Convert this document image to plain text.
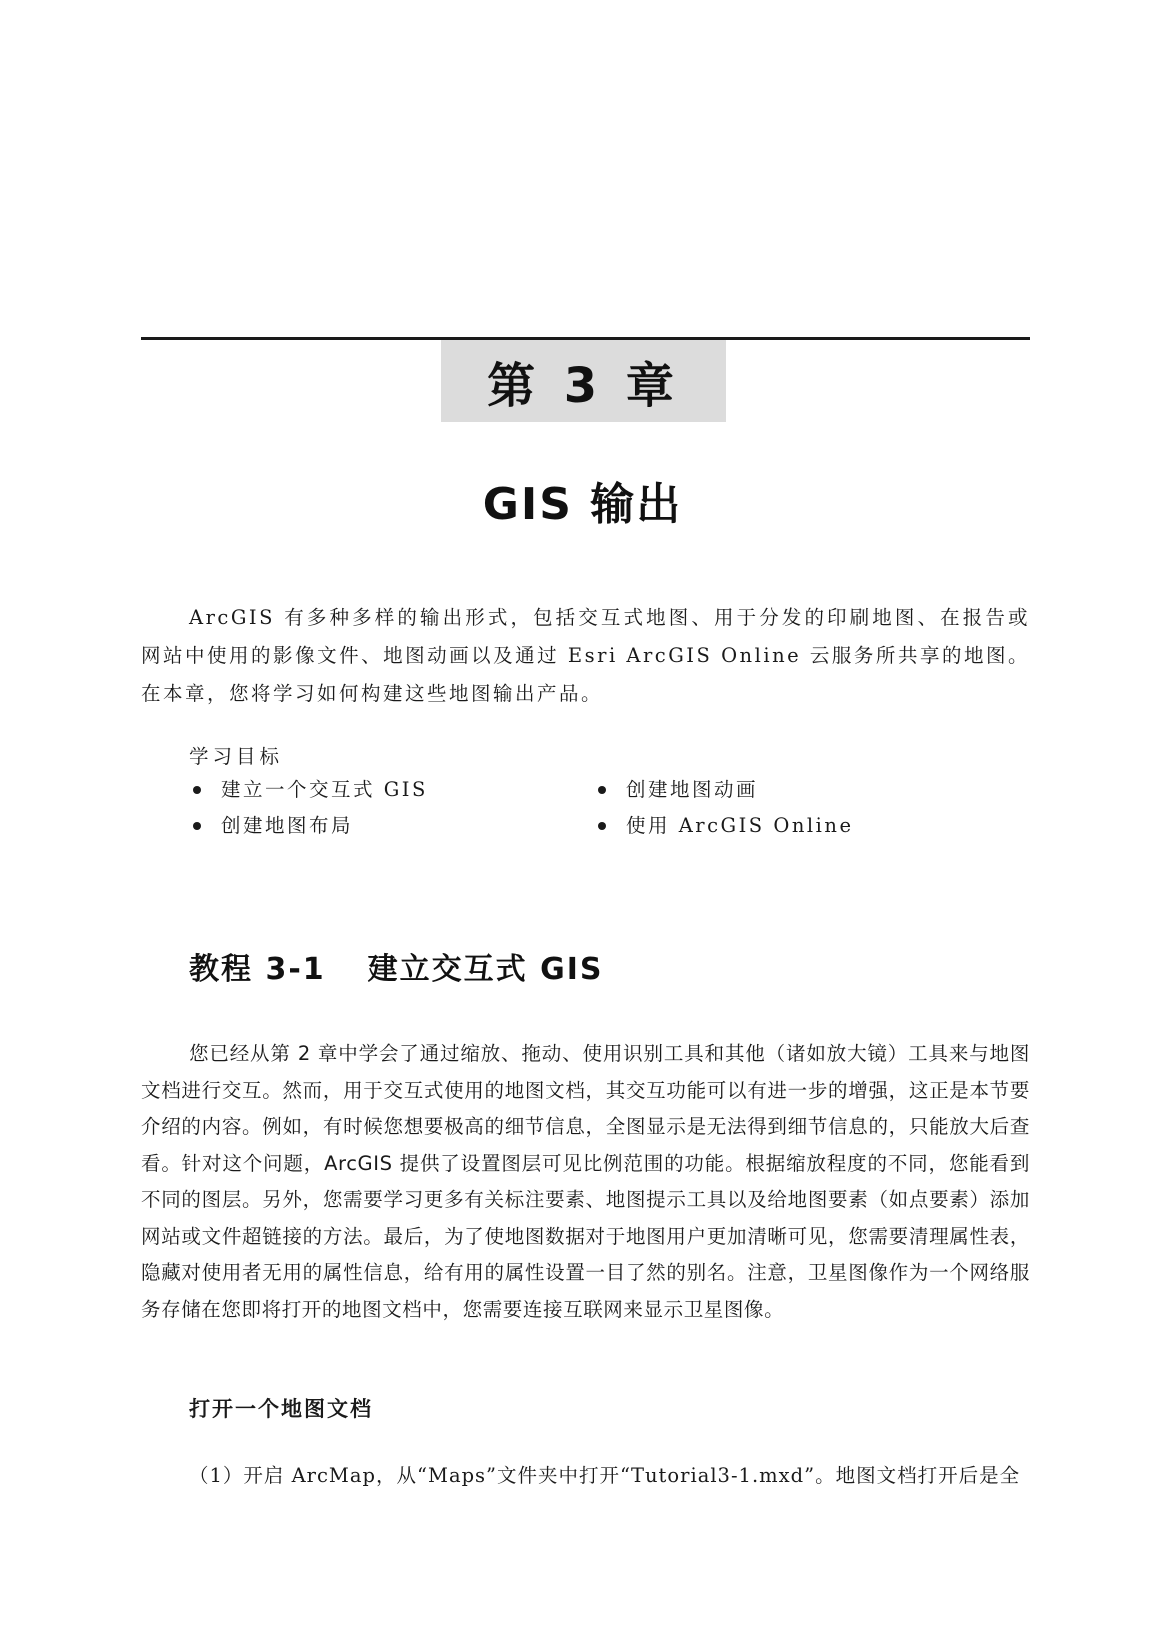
第 3 章
GIS 输出

ArcGIS 有多种多样的输出形式，包括交互式地图、用于分发的印刷地图、在报告或网站中使用的影像文件、地图动画以及通过 Esri ArcGIS Online 云服务所共享的地图。在本章，您将学习如何构建这些地图输出产品。

学习目标

建立一个交互式 GIS	创建地图动画
创建地图布局	使用 ArcGIS Online
教程 3-1 建立交互式 GIS

您已经从第 2 章中学会了通过缩放、拖动、使用识别工具和其他（诸如放大镜）工具来与地图文档进行交互。然而，用于交互式使用的地图文档，其交互功能可以有进一步的增强，这正是本节要介绍的内容。例如，有时候您想要极高的细节信息，全图显示是无法得到细节信息的，只能放大后查看。针对这个问题，ArcGIS 提供了设置图层可见比例范围的功能。根据缩放程度的不同，您能看到不同的图层。另外，您需要学习更多有关标注要素、地图提示工具以及给地图要素（如点要素）添加网站或文件超链接的方法。最后，为了使地图数据对于地图用户更加清晰可见，您需要清理属性表，隐藏对使用者无用的属性信息，给有用的属性设置一目了然的别名。注意，卫星图像作为一个网络服务存储在您即将打开的地图文档中，您需要连接互联网来显示卫星图像。

打开一个地图文档

（1）开启 ArcMap，从“Maps”文件夹中打开“Tutorial3-1.mxd”。地图文档打开后是全
